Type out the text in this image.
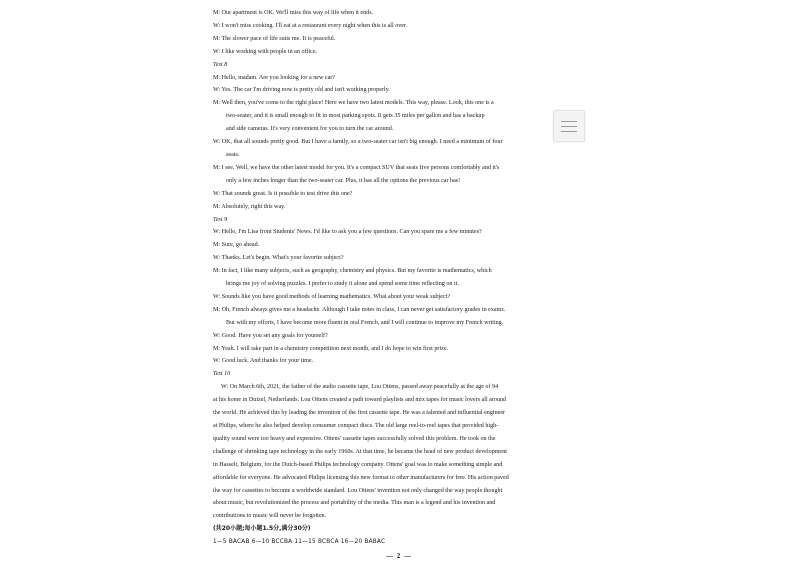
M: Our apartment is OK. We'll miss this way of life when it ends.
W: I won't miss cooking. I'll eat at a restaurant every night when this is all over.
M: The slower pace of life suits me. It is peaceful.
W: I like working with people in an office.
Test 8
M: Hello, madam. Are you looking for a new car?
W: Yes. The car I'm driving now is pretty old and isn't working properly.
M: Well then, you've come to the right place! Here we have two latest models. This way, please. Look, this one is a
two-seater, and it is small enough to fit in most parking spots. It gets 35 miles per gallon and has a backup
and side cameras. It's very convenient for you to turn the car around.
W: OK, that all sounds pretty good. But I have a family, so a two-seater car isn't big enough. I need a minimum of four
seats.
M: I see. Well, we have the other latest model for you. It's a compact SUV that seats five persons comfortably and it's
only a few inches longer than the two-seater car. Plus, it has all the options the previous car has!
W: That sounds great. Is it possible to test drive this one?
M: Absolutely, right this way.
Test 9
W: Hello, I'm Lisa from Students' News. I'd like to ask you a few questions. Can you spare me a few minutes?
M: Sure, go ahead.
W: Thanks. Let's begin. What's your favorite subject?
M: In fact, I like many subjects, such as geography, chemistry and physics. But my favorite is mathematics, which
brings me joy of solving puzzles. I prefer to study it alone and spend some time reflecting on it.
W: Sounds like you have good methods of learning mathematics. What about your weak subject?
M: Oh, French always gives me a headache. Although I take notes in class, I can never get satisfactory grades in exams.
But with my efforts, I have become more fluent in oral French, and I will continue to improve my French writing.
W: Good. Have you set any goals for yourself?
M: Yeah. I will take part in a chemistry competition next month, and I do hope to win first prize.
W: Good luck. And thanks for your time.
Test 10
W: On March 6th, 2021, the father of the audio cassette tape, Lou Ottens, passed away peacefully at the age of 94
at his home in Duizel, Netherlands. Lou Ottens created a path toward playlists and mix tapes for music lovers all around
the world. He achieved this by leading the invention of the first cassette tape. He was a talented and influential engineer
at Philips, where he also helped develop consumer compact discs. The old large reel-to-reel tapes that provided high-
quality sound were too heavy and expensive. Ottens' cassette tapes successfully solved this problem. He took on the
challenge of shrinking tape technology in the early 1960s. At that time, he became the head of new product development
in Hasselt, Belgium, for the Dutch-based Philips technology company. Ottens' goal was to make something simple and
affordable for everyone. He advocated Philips licensing this new format to other manufacturers for free. His action paved
the way for cassettes to become a worldwide standard. Lou Ottens' invention not only changed the way people thought
about music, but revolutionized the process and portability of the media. This man is a legend and his invention and
contributions to music will never be forgotten.
(共20小题;每小题1.5分,满分30分)
1—5 BACAB 6—10 BCCBA 11—15 BCBCA 16—20 BABAC
— 2 —
